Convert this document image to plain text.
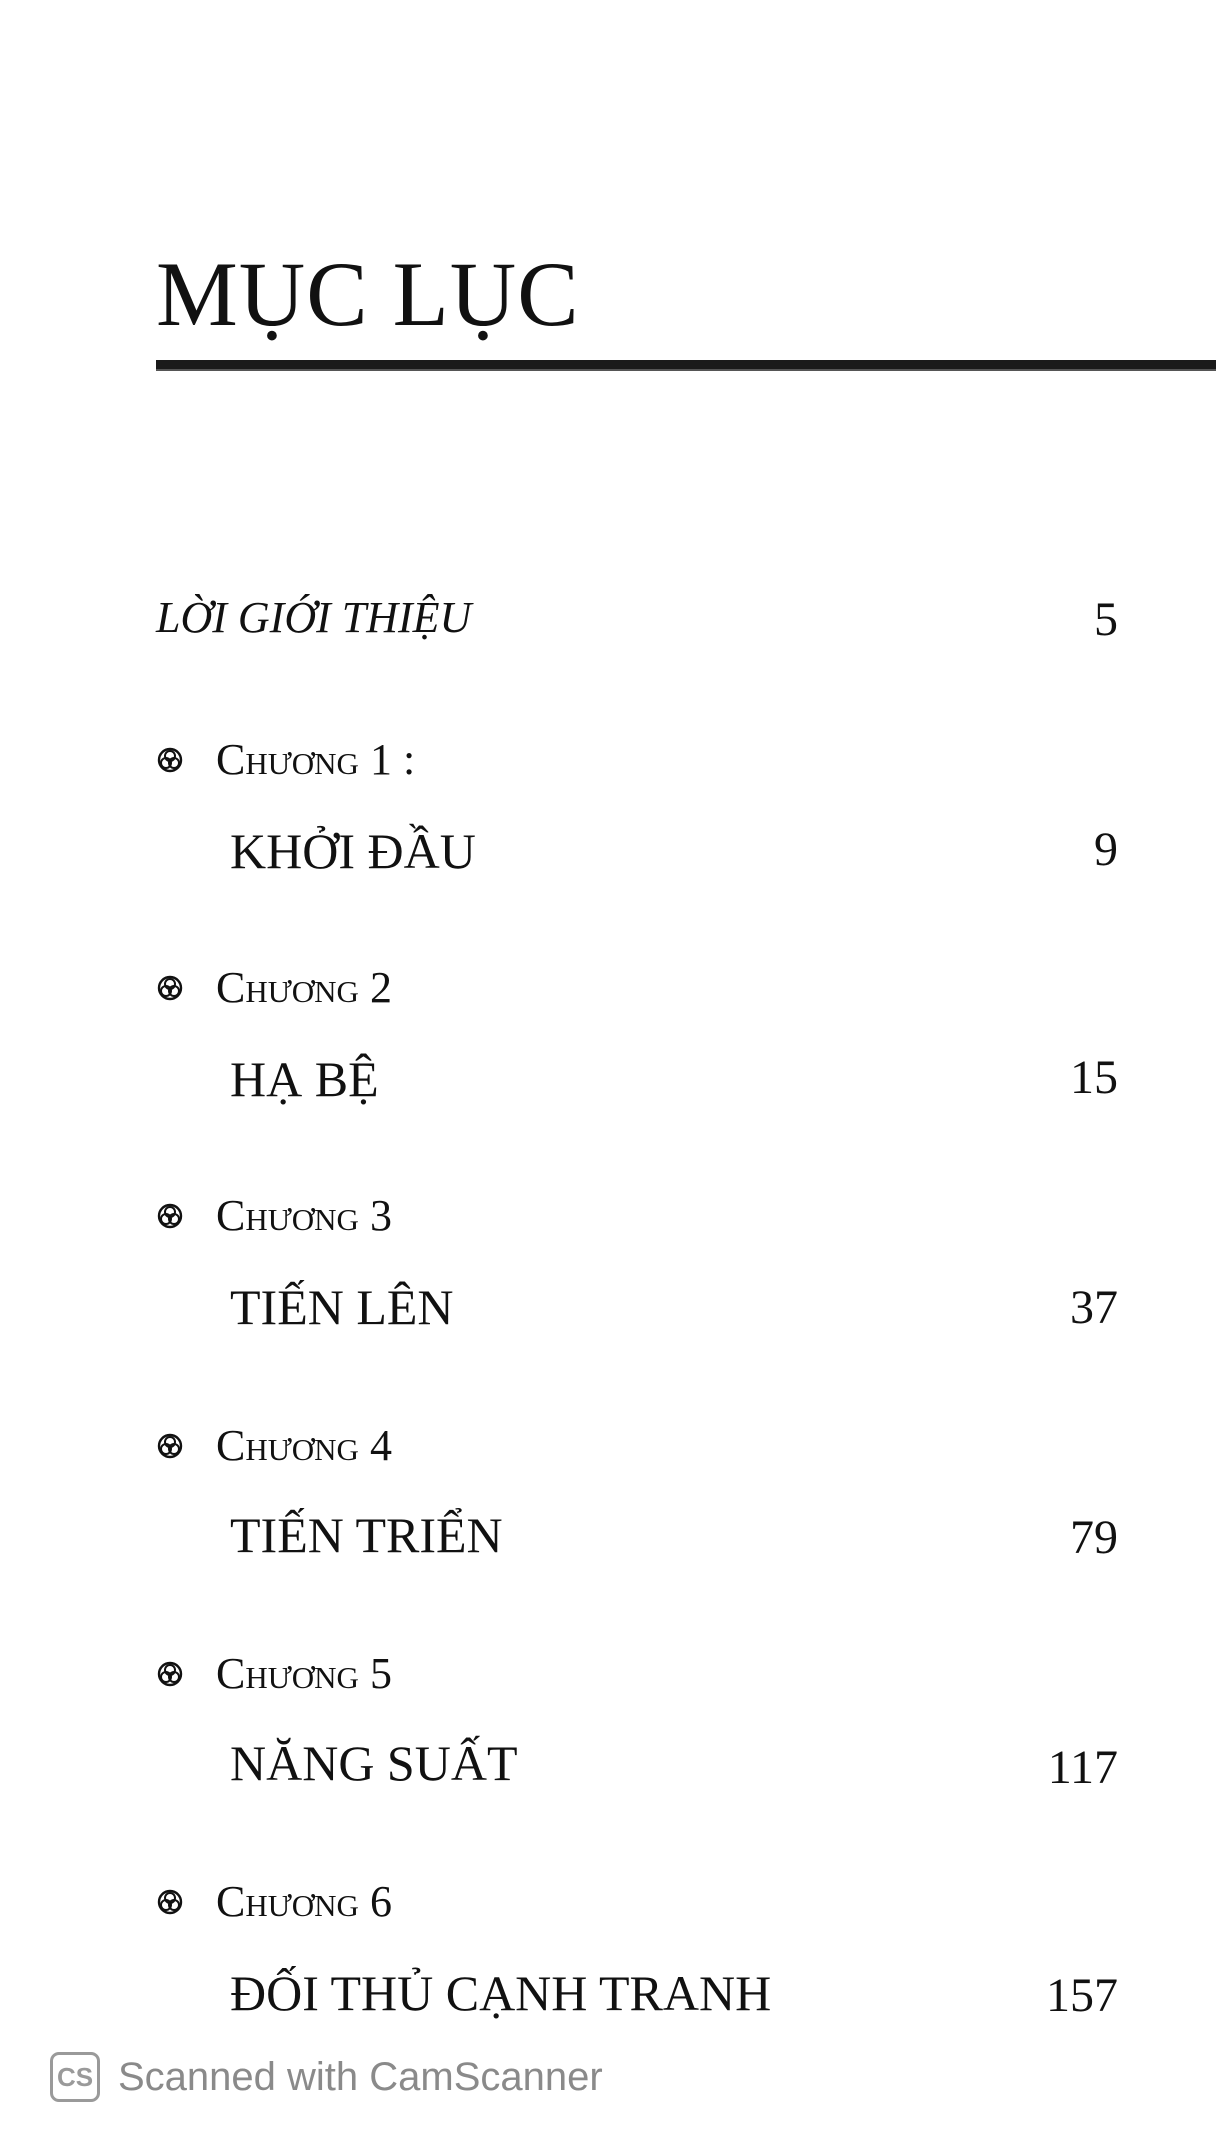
MỤC LỤC
LỜI GIỚI THIỆU	5
Chương 1 :
KHỞI ĐẦU	9
Chương 2
HẠ BỆ	15
Chương 3
TIẾN LÊN	37
Chương 4
TIẾN TRIỂN	79
Chương 5
NĂNG SUẤT	117
Chương 6
ĐỐI THỦ CẠNH TRANH	157
CS Scanned with CamScanner
